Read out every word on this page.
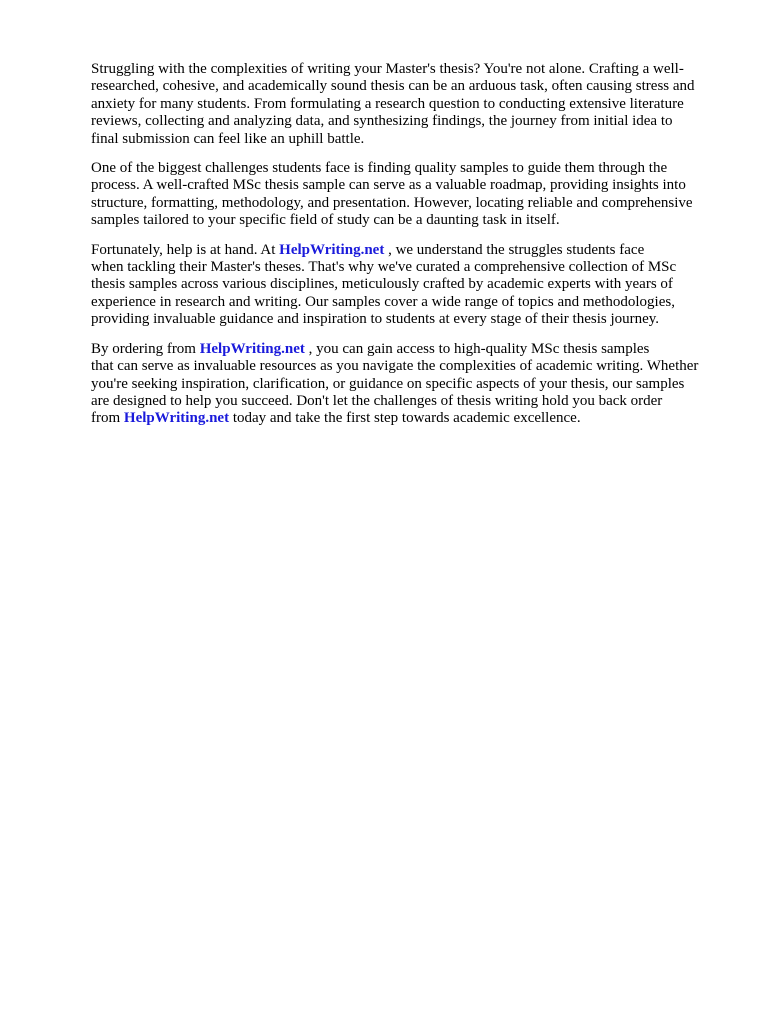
Struggling with the complexities of writing your Master's thesis? You're not alone. Crafting a well-
researched, cohesive, and academically sound thesis can be an arduous task, often causing stress and
anxiety for many students. From formulating a research question to conducting extensive literature
reviews, collecting and analyzing data, and synthesizing findings, the journey from initial idea to
final submission can feel like an uphill battle.

One of the biggest challenges students face is finding quality samples to guide them through the
process. A well-crafted MSc thesis sample can serve as a valuable roadmap, providing insights into
structure, formatting, methodology, and presentation. However, locating reliable and comprehensive
samples tailored to your specific field of study can be a daunting task in itself.

Fortunately, help is at hand. At HelpWriting.net , we understand the struggles students face
when tackling their Master's theses. That's why we've curated a comprehensive collection of MSc
thesis samples across various disciplines, meticulously crafted by academic experts with years of
experience in research and writing. Our samples cover a wide range of topics and methodologies,
providing invaluable guidance and inspiration to students at every stage of their thesis journey.

By ordering from HelpWriting.net , you can gain access to high-quality MSc thesis samples
that can serve as invaluable resources as you navigate the complexities of academic writing. Whether
you're seeking inspiration, clarification, or guidance on specific aspects of your thesis, our samples
are designed to help you succeed. Don't let the challenges of thesis writing hold you back order
from HelpWriting.net today and take the first step towards academic excellence.
